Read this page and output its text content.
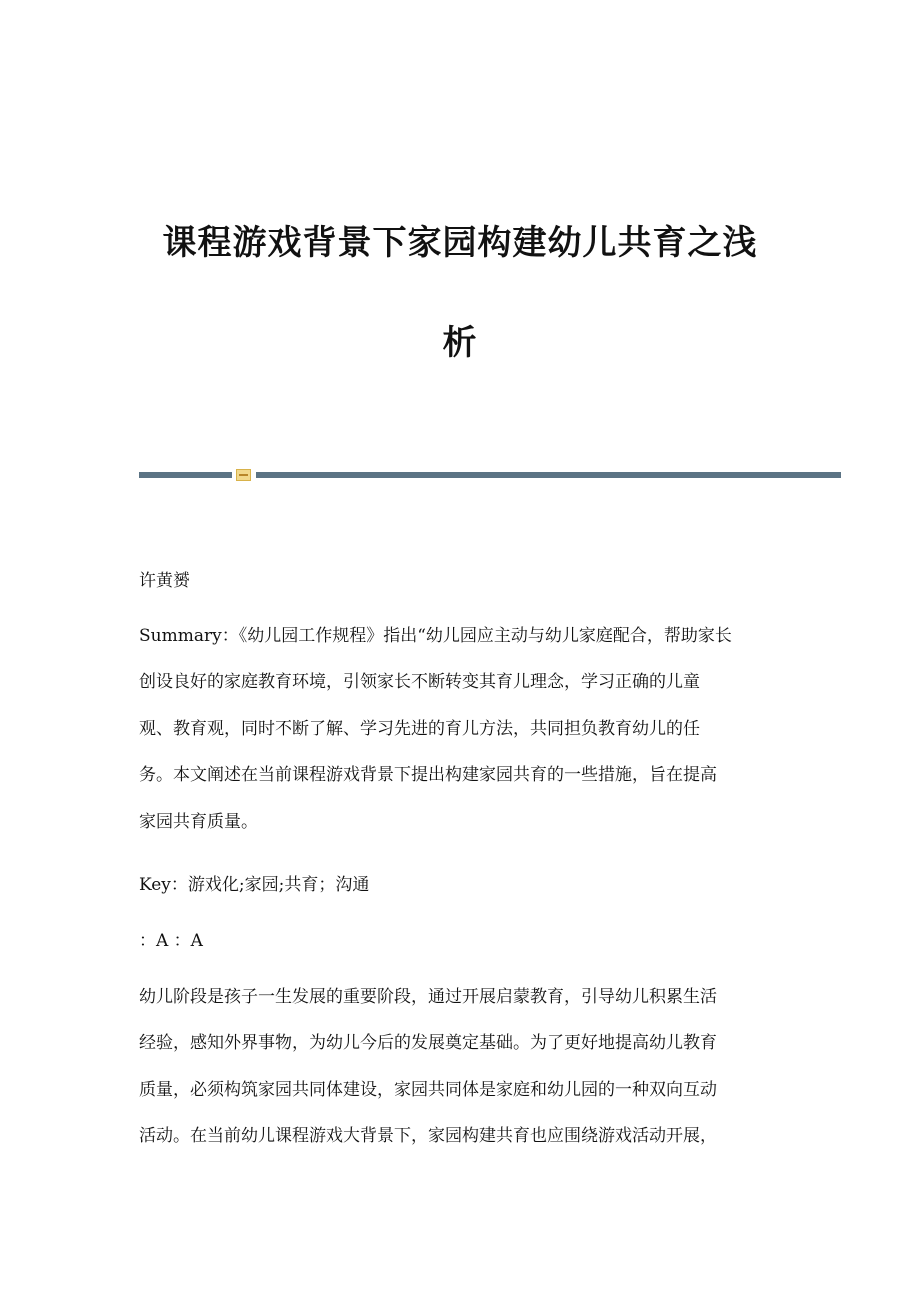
课程游戏背景下家园构建幼儿共育之浅
析

许黄赟

Summary：《幼儿园工作规程》指出“幼儿园应主动与幼儿家庭配合，帮助家长
创设良好的家庭教育环境，引领家长不断转变其育儿理念，学习正确的儿童
观、教育观，同时不断了解、学习先进的育儿方法，共同担负教育幼儿的任
务。本文阐述在当前课程游戏背景下提出构建家园共育的一些措施，旨在提高
家园共育质量。

Key：游戏化;家园;共育；沟通

：A ：A

幼儿阶段是孩子一生发展的重要阶段，通过开展启蒙教育，引导幼儿积累生活
经验，感知外界事物，为幼儿今后的发展奠定基础。为了更好地提高幼儿教育
质量，必须构筑家园共同体建设，家园共同体是家庭和幼儿园的一种双向互动
活动。在当前幼儿课程游戏大背景下，家园构建共育也应围绕游戏活动开展，
